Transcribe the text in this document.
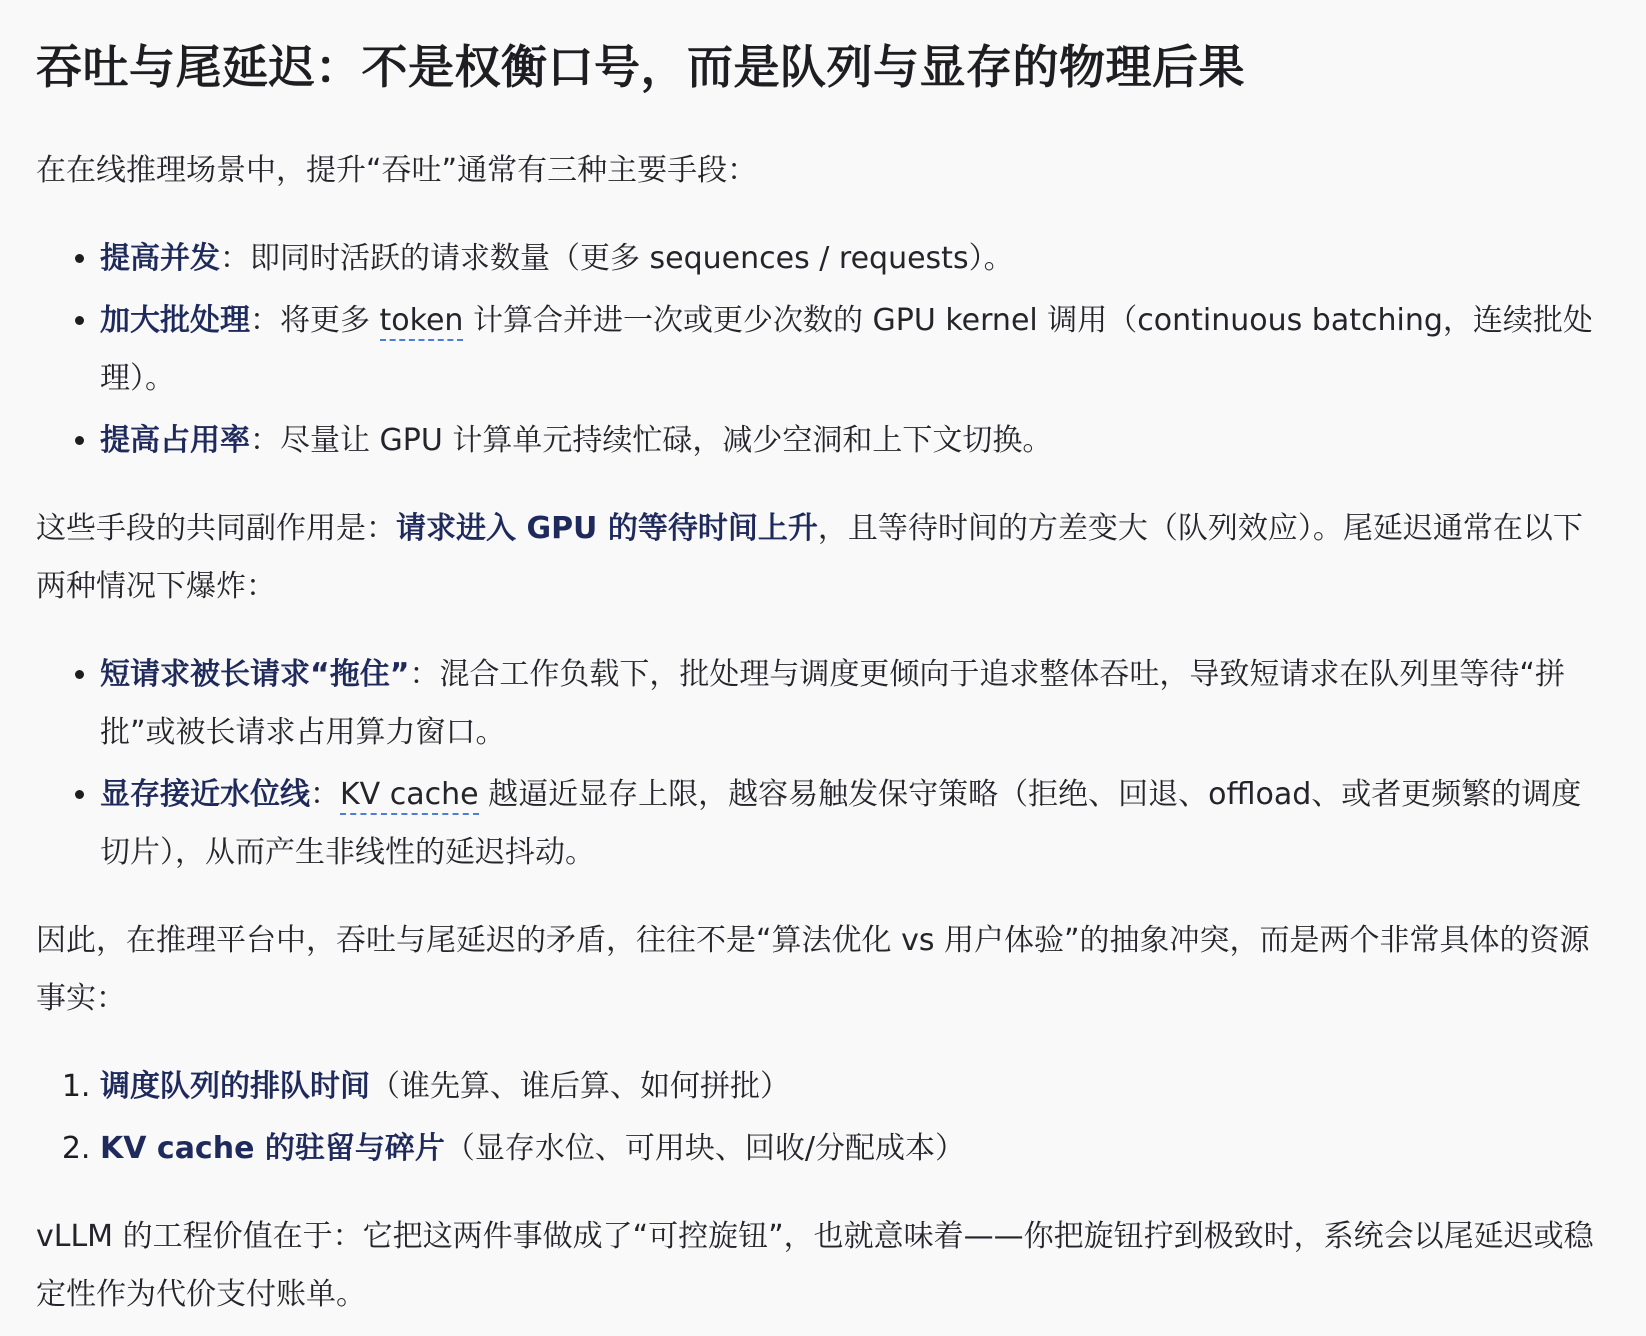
吞吐与尾延迟：不是权衡口号，而是队列与显存的物理后果

在在线推理场景中，提升“吞吐”通常有三种主要手段：

• 提高并发：即同时活跃的请求数量（更多 sequences / requests）。
• 加大批处理：将更多 token 计算合并进一次或更少次数的 GPU kernel 调用（continuous batching，连续批处理）。
• 提高占用率：尽量让 GPU 计算单元持续忙碌，减少空洞和上下文切换。

这些手段的共同副作用是：请求进入 GPU 的等待时间上升，且等待时间的方差变大（队列效应）。尾延迟通常在以下两种情况下爆炸：

• 短请求被长请求“拖住”：混合工作负载下，批处理与调度更倾向于追求整体吞吐，导致短请求在队列里等待“拼批”或被长请求占用算力窗口。
• 显存接近水位线：KV cache 越逼近显存上限，越容易触发保守策略（拒绝、回退、offload、或者更频繁的调度切片），从而产生非线性的延迟抖动。

因此，在推理平台中，吞吐与尾延迟的矛盾，往往不是“算法优化 vs 用户体验”的抽象冲突，而是两个非常具体的资源事实：

1. 调度队列的排队时间（谁先算、谁后算、如何拼批）
2. KV cache 的驻留与碎片（显存水位、可用块、回收/分配成本）

vLLM 的工程价值在于：它把这两件事做成了“可控旋钮”，也就意味着——你把旋钮拧到极致时，系统会以尾延迟或稳定性作为代价支付账单。
